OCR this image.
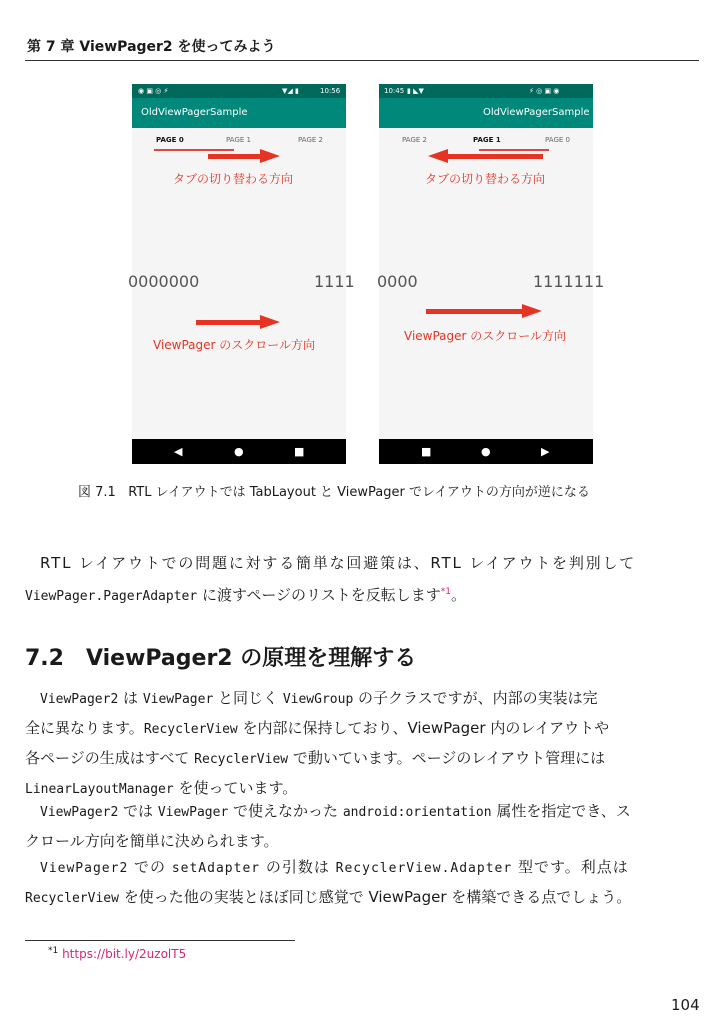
第 7 章 ViewPager2 を使ってみよう
◉ ▣ ◎ ⚡	▼◢ ▮	10:56
OldViewPagerSample
PAGE 0	PAGE 1	PAGE 2
タブの切り替わる方向
0000000	1111
ViewPager のスクロール方向
◀	●	■
10:45 ▮ ◣▼	⚡ ◎ ▣ ◉
OldViewPagerSample
PAGE 2	PAGE 1	PAGE 0
タブの切り替わる方向
0000	1111111
ViewPager のスクロール方向
■	●	▶
図 7.1 RTL レイアウトでは TabLayout と ViewPager でレイアウトの方向が逆になる
RTL レイアウトでの問題に対する簡単な回避策は、RTL レイアウトを判別して
ViewPager.PagerAdapter に渡すページのリストを反転します$^{*1}$。
7.2　ViewPager2 の原理を理解する
ViewPager2 は ViewPager と同じく ViewGroup の子クラスですが、内部の実装は完
全に異なります。RecyclerView を内部に保持しており、ViewPager 内のレイアウトや
各ページの生成はすべて RecyclerView で動いています。ページのレイアウト管理には
LinearLayoutManager を使っています。
ViewPager2 では ViewPager で使えなかった android:orientation 属性を指定でき、ス
クロール方向を簡単に決められます。
ViewPager2 での setAdapter の引数は RecyclerView.Adapter 型です。利点は
RecyclerView を使った他の実装とほぼ同じ感覚で ViewPager を構築できる点でしょう。
$^{*1}$ https://bit.ly/2uzolT5
104
